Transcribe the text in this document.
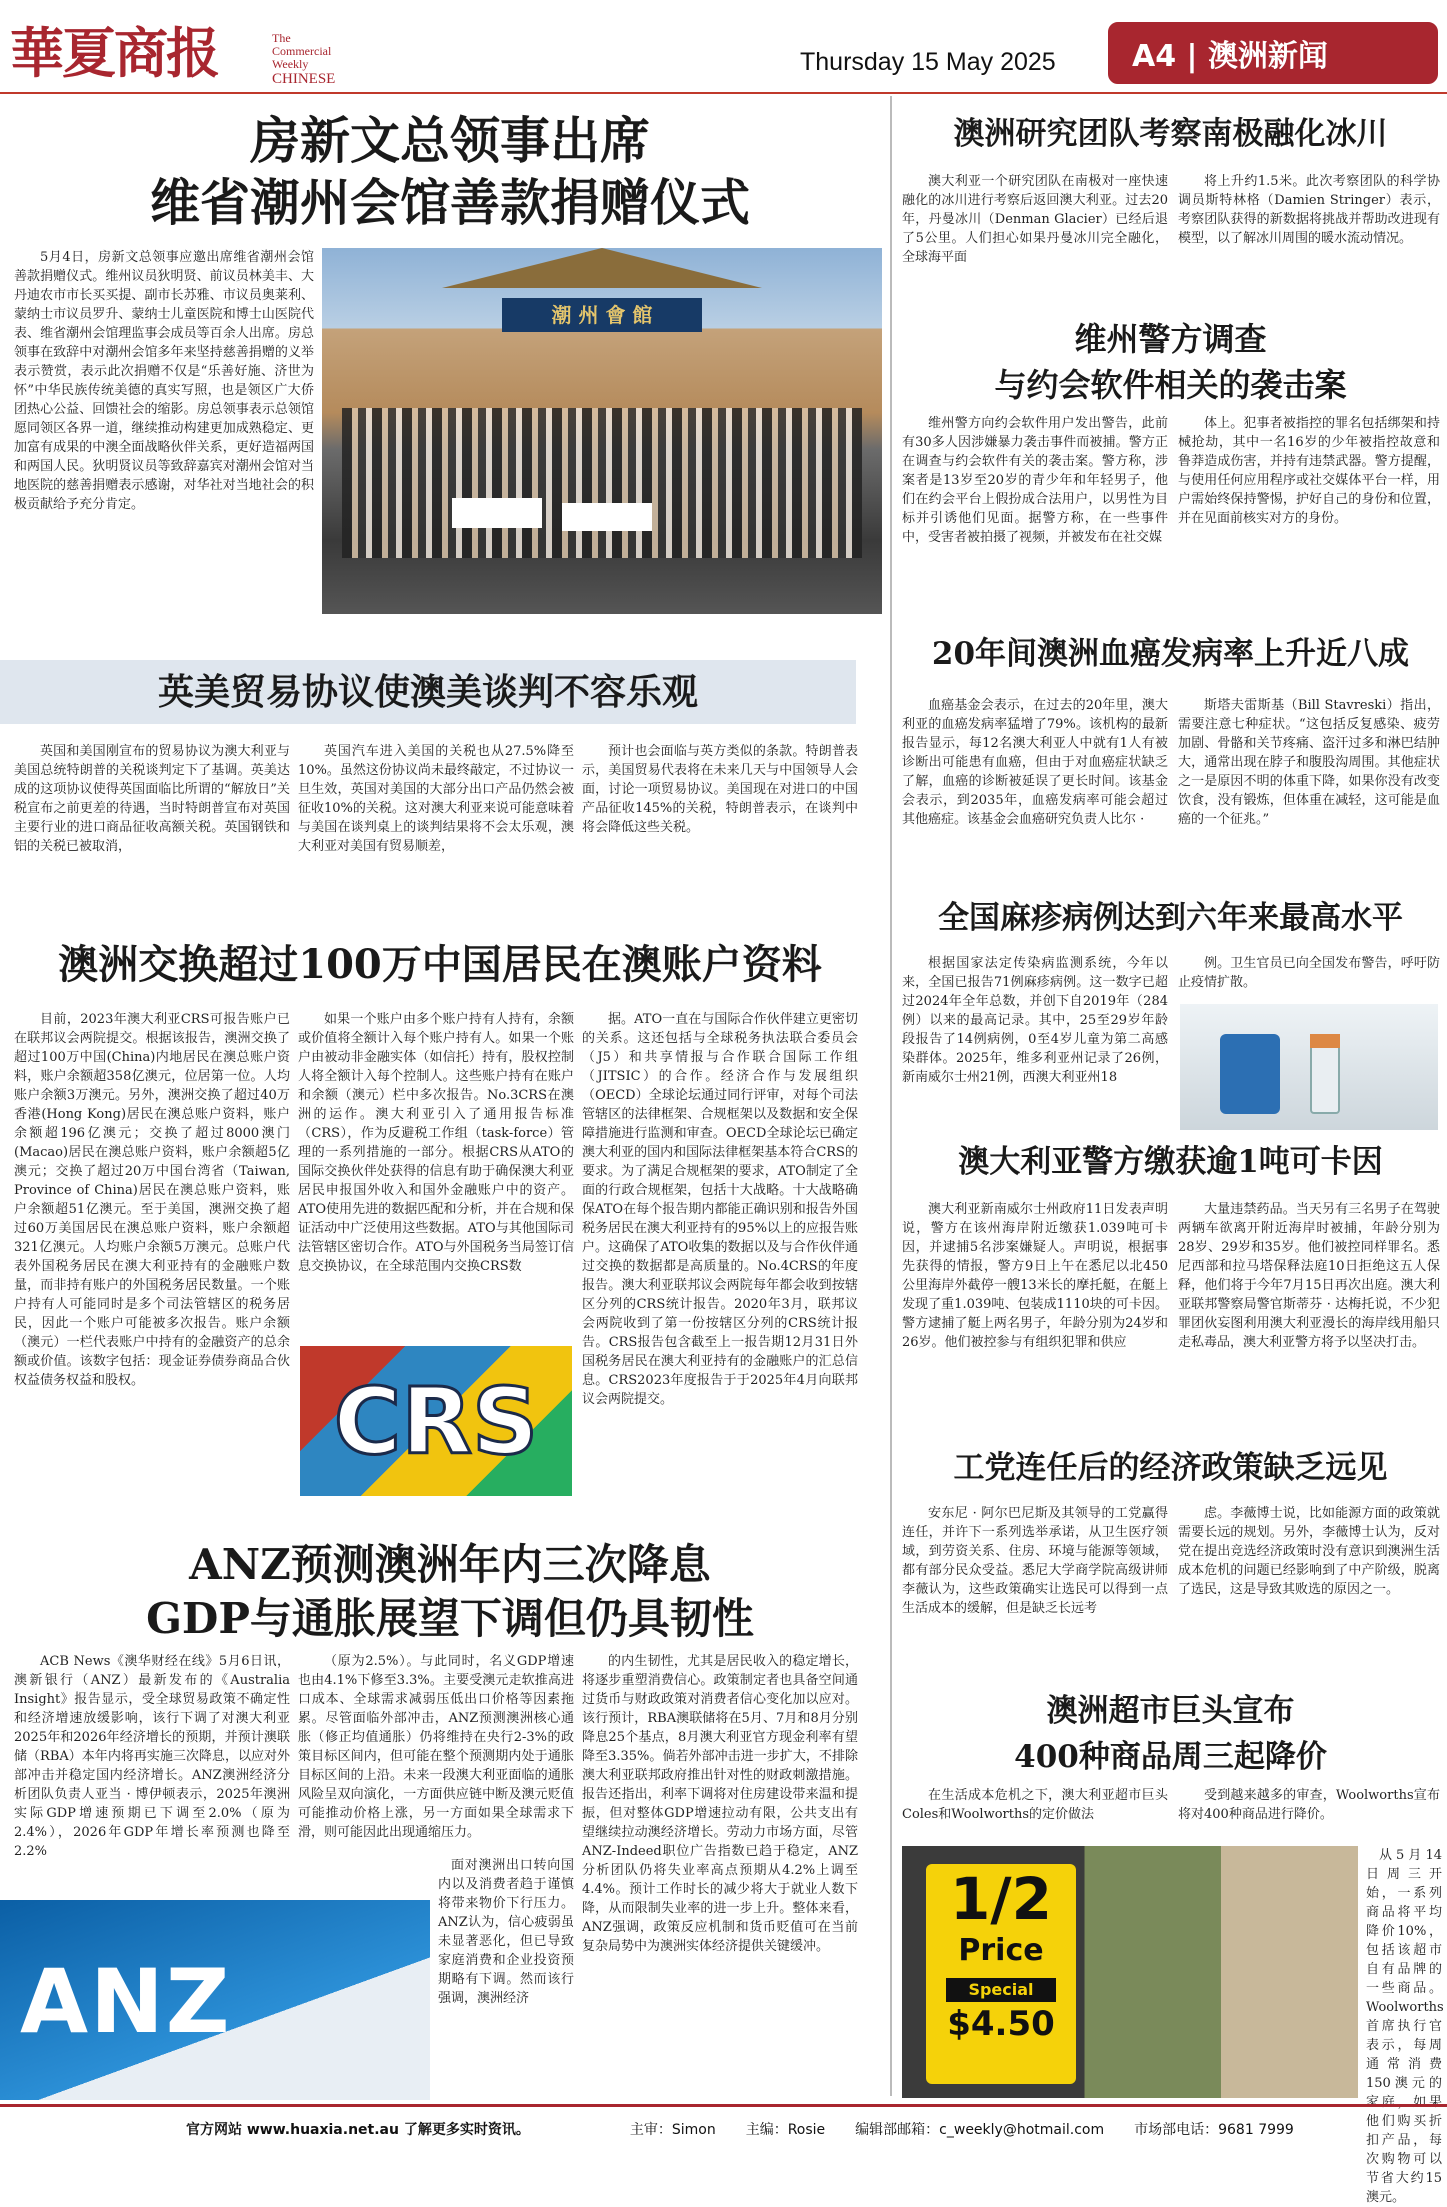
華夏商报	The Commercial
Weekly
CHINESE
Thursday 15 May 2025	A4 | 澳洲新闻
房新文总领事出席
维省潮州会馆善款捐赠仪式
5月4日，房新文总领事应邀出席维省潮州会馆善款捐赠仪式。维州议员狄明贤、前议员林美丰、大丹迪农市市长买买提、副市长苏雅、市议员奥莱利、蒙纳士市议员罗升、蒙纳士儿童医院和博士山医院代表、维省潮州会馆理监事会成员等百余人出席。房总领事在致辞中对潮州会馆多年来坚持慈善捐赠的义举表示赞赏，表示此次捐赠不仅是“乐善好施、济世为怀”中华民族传统美德的真实写照，也是领区广大侨团热心公益、回馈社会的缩影。房总领事表示总领馆愿同领区各界一道，继续推动构建更加成熟稳定、更加富有成果的中澳全面战略伙伴关系，更好造福两国和两国人民。狄明贤议员等致辞嘉宾对潮州会馆对当地医院的慈善捐赠表示感谢，对华社对当地社会的积极贡献给予充分肯定。
潮 州 會 館
英美贸易协议使澳美谈判不容乐观
英国和美国刚宣布的贸易协议为澳大利亚与美国总统特朗普的关税谈判定下了基调。英美达成的这项协议使得英国面临比所谓的“解放日”关税宣布之前更差的待遇，当时特朗普宣布对英国主要行业的进口商品征收高额关税。英国钢铁和铝的关税已被取消，
英国汽车进入美国的关税也从27.5%降至10%。虽然这份协议尚未最终敲定，不过协议一旦生效，英国对美国的大部分出口产品仍然会被征收10%的关税。这对澳大利亚来说可能意味着与美国在谈判桌上的谈判结果将不会太乐观，澳大利亚对美国有贸易顺差，
预计也会面临与英方类似的条款。特朗普表示，美国贸易代表将在未来几天与中国领导人会面，讨论一项贸易协议。美国现在对进口的中国产品征收145%的关税，特朗普表示，在谈判中将会降低这些关税。
澳洲交换超过100万中国居民在澳账户资料
目前，2023年澳大利亚CRS可报告账户已在联邦议会两院提交。根据该报告，澳洲交换了超过100万中国(China)内地居民在澳总账户资料，账户余额超358亿澳元，位居第一位。人均账户余额3万澳元。另外，澳洲交换了超过40万香港(Hong Kong)居民在澳总账户资料，账户余额超196亿澳元；交换了超过8000澳门(Macao)居民在澳总账户资料，账户余额超5亿澳元；交换了超过20万中国台湾省（Taiwan, Province of China)居民在澳总账户资料，账户余额超51亿澳元。至于美国，澳洲交换了超过60万美国居民在澳总账户资料，账户余额超321亿澳元。人均账户余额5万澳元。总账户代表外国税务居民在澳大利亚持有的金融账户数量，而非持有账户的外国税务居民数量。一个账户持有人可能同时是多个司法管辖区的税务居民，因此一个账户可能被多次报告。账户余额（澳元）一栏代表账户中持有的金融资产的总余额或价值。该数字包括：现金证券债券商品合伙权益债务权益和股权。
如果一个账户由多个账户持有人持有，余额或价值将全额计入每个账户持有人。如果一个账户由被动非金融实体（如信托）持有，股权控制人将全额计入每个控制人。这些账户持有在账户和余额（澳元）栏中多次报告。No.3CRS在澳洲的运作。澳大利亚引入了通用报告标准（CRS），作为反避税工作组（task-force）管理的一系列措施的一部分。根据CRS从ATO的国际交换伙伴处获得的信息有助于确保澳大利亚居民申报国外收入和国外金融账户中的资产。ATO使用先进的数据匹配和分析，并在合规和保证活动中广泛使用这些数据。ATO与其他国际司法管辖区密切合作。ATO与外国税务当局签订信息交换协议，在全球范围内交换CRS数
CRS
据。ATO一直在与国际合作伙伴建立更密切的关系。这还包括与全球税务执法联合委员会（J5）和共享情报与合作联合国际工作组（JITSIC）的合作。经济合作与发展组织（OECD）全球论坛通过同行评审，对每个司法管辖区的法律框架、合规框架以及数据和安全保障措施进行监测和审查。OECD全球论坛已确定澳大利亚的国内和国际法律框架基本符合CRS的要求。为了满足合规框架的要求，ATO制定了全面的行政合规框架，包括十大战略。十大战略确保ATO在每个报告期内都能正确识别和报告外国税务居民在澳大利亚持有的95%以上的应报告账户。这确保了ATO收集的数据以及与合作伙伴通过交换的数据都是高质量的。No.4CRS的年度报告。澳大利亚联邦议会两院每年都会收到按辖区分列的CRS统计报告。2020年3月，联邦议会两院收到了第一份按辖区分列的CRS统计报告。CRS报告包含截至上一报告期12月31日外国税务居民在澳大利亚持有的金融账户的汇总信息。CRS2023年度报告于于2025年4月向联邦议会两院提交。
ANZ预测澳洲年内三次降息
GDP与通胀展望下调但仍具韧性
ACB News《澳华财经在线》5月6日讯，澳新银行（ANZ）最新发布的《Australia Insight》报告显示，受全球贸易政策不确定性和经济增速放缓影响，该行下调了对澳大利亚2025年和2026年经济增长的预期，并预计澳联储（RBA）本年内将再实施三次降息，以应对外部冲击并稳定国内经济增长。ANZ澳洲经济分析团队负责人亚当 · 博伊顿表示，2025年澳洲实际GDP增速预期已下调至2.0%（原为2.4%），2026年GDP年增长率预测也降至2.2%
（原为2.5%）。与此同时，名义GDP增速也由4.1%下修至3.3%。主要受澳元走软推高进口成本、全球需求减弱压低出口价格等因素拖累。尽管面临外部冲击，ANZ预测澳洲核心通胀（修正均值通胀）仍将维持在央行2-3%的政策目标区间内，但可能在整个预测期内处于通胀目标区间的上沿。未来一段澳大利亚面临的通胀风险呈双向演化，一方面供应链中断及澳元贬值可能推动价格上涨，另一方面如果全球需求下滑，则可能因此出现通缩压力。
面对澳洲出口转向国内以及消费者趋于谨慎将带来物价下行压力。ANZ认为，信心疲弱虽未显著恶化，但已导致家庭消费和企业投资预期略有下调。然而该行强调，澳洲经济
的内生韧性，尤其是居民收入的稳定增长，将逐步重塑消费信心。政策制定者也具备空间通过货币与财政政策对消费者信心变化加以应对。该行预计，RBA澳联储将在5月、7月和8月分别降息25个基点，8月澳大利亚官方现金利率有望降至3.35%。倘若外部冲击进一步扩大，不排除澳大利亚联邦政府推出针对性的财政刺激措施。报告还指出，利率下调将对住房建设带来温和提振，但对整体GDP增速拉动有限，公共支出有望继续拉动澳经济增长。劳动力市场方面，尽管ANZ-Indeed职位广告指数已趋于稳定，ANZ分析团队仍将失业率高点预期从4.2%上调至4.4%。预计工作时长的减少将大于就业人数下降，从而限制失业率的进一步上升。整体来看，ANZ强调，政策反应机制和货币贬值可在当前复杂局势中为澳洲实体经济提供关键缓冲。
ANZ
澳洲研究团队考察南极融化冰川
澳大利亚一个研究团队在南极对一座快速融化的冰川进行考察后返回澳大利亚。过去20年，丹曼冰川（Denman Glacier）已经后退了5公里。人们担心如果丹曼冰川完全融化，全球海平面
将上升约1.5米。此次考察团队的科学协调员斯特林格（Damien Stringer）表示，考察团队获得的新数据将挑战并帮助改进现有模型，以了解冰川周围的暖水流动情况。
维州警方调查
与约会软件相关的袭击案
维州警方向约会软件用户发出警告，此前有30多人因涉嫌暴力袭击事件而被捕。警方正在调查与约会软件有关的袭击案。警方称，涉案者是13岁至20岁的青少年和年轻男子，他们在约会平台上假扮成合法用户，以男性为目标并引诱他们见面。据警方称，在一些事件中，受害者被拍摄了视频，并被发布在社交媒
体上。犯事者被指控的罪名包括绑架和持械抢劫，其中一名16岁的少年被指控故意和鲁莽造成伤害，并持有违禁武器。警方提醒，与使用任何应用程序或社交媒体平台一样，用户需始终保持警惕，护好自己的身份和位置，并在见面前核实对方的身份。
20年间澳洲血癌发病率上升近八成
血癌基金会表示，在过去的20年里，澳大利亚的血癌发病率猛增了79%。该机构的最新报告显示，每12名澳大利亚人中就有1人有被诊断出可能患有血癌，但由于对血癌症状缺乏了解，血癌的诊断被延误了更长时间。该基金会表示，到2035年，血癌发病率可能会超过其他癌症。该基金会血癌研究负责人比尔 ·
斯塔夫雷斯基（Bill Stavreski）指出，需要注意七种症状。“这包括反复感染、疲劳加剧、骨骼和关节疼痛、盗汗过多和淋巴结肿大，通常出现在脖子和腹股沟周围。其他症状之一是原因不明的体重下降，如果你没有改变饮食，没有锻炼，但体重在减轻，这可能是血癌的一个征兆。”
全国麻疹病例达到六年来最高水平
根据国家法定传染病监测系统，今年以来，全国已报告71例麻疹病例。这一数字已超过2024年全年总数，并创下自2019年（284例）以来的最高记录。其中，25至29岁年龄段报告了14例病例，0至4岁儿童为第二高感染群体。2025年，维多利亚州记录了26例，新南威尔士州21例，西澳大利亚州18
例。卫生官员已向全国发布警告，呼吁防止疫情扩散。
澳大利亚警方缴获逾1吨可卡因
澳大利亚新南威尔士州政府11日发表声明说，警方在该州海岸附近缴获1.039吨可卡因，并逮捕5名涉案嫌疑人。声明说，根据事先获得的情报，警方9日上午在悉尼以北450公里海岸外截停一艘13米长的摩托艇，在艇上发现了重1.039吨、包装成1110块的可卡因。警方逮捕了艇上两名男子，年龄分别为24岁和26岁。他们被控参与有组织犯罪和供应
大量违禁药品。当天另有三名男子在驾驶两辆车欲离开附近海岸时被捕，年龄分别为28岁、29岁和35岁。他们被控同样罪名。悉尼西部和拉马塔保释法庭10日拒绝这五人保释，他们将于今年7月15日再次出庭。澳大利亚联邦警察局警官斯蒂芬 · 达梅托说，不少犯罪团伙妄图利用澳大利亚漫长的海岸线用船只走私毒品，澳大利亚警方将予以坚决打击。
工党连任后的经济政策缺乏远见
安东尼 · 阿尔巴尼斯及其领导的工党赢得连任，并许下一系列选举承诺，从卫生医疗领域，到劳资关系、住房、环境与能源等领域，都有部分民众受益。悉尼大学商学院高级讲师李薇认为，这些政策确实让选民可以得到一点生活成本的缓解，但是缺乏长远考
虑。李薇博士说，比如能源方面的政策就需要长远的规划。另外，李薇博士认为，反对党在提出竞选经济政策时没有意识到澳洲生活成本危机的问题已经影响到了中产阶级，脱离了选民，这是导致其败选的原因之一。
澳洲超市巨头宣布
400种商品周三起降价
在生活成本危机之下，澳大利亚超市巨头Coles和Woolworths的定价做法
受到越来越多的审查，Woolworths宣布将对400种商品进行降价。
1/2
Price
Special
$4.50
从5月14日周三开始，一系列商品将平均降价10%，包括该超市自有品牌的一些商品。Woolworths首席执行官表示，每周通常消费150澳元的家庭，如果他们购买折扣产品，每次购物可以节省大约15澳元。
官方网站 www.huaxia.net.au 了解更多实时资讯。	主审：Simon 主编：Rosie 编辑部邮箱：c_weekly@hotmail.com 市场部电话：9681 7999
